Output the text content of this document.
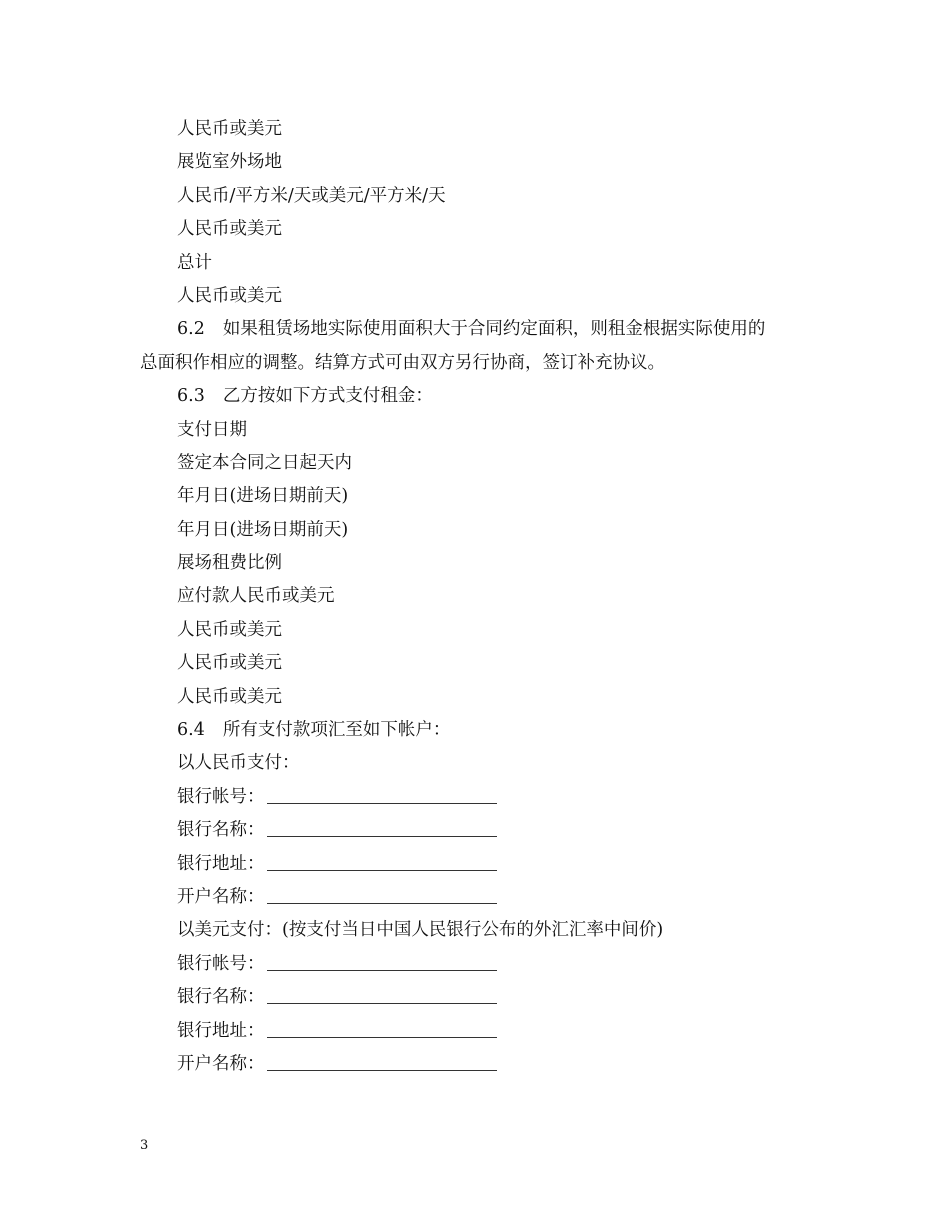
人民币或美元
展览室外场地
人民币/平方米/天或美元/平方米/天
人民币或美元
总计
人民币或美元
6.2 如果租赁场地实际使用面积大于合同约定面积，则租金根据实际使用的
总面积作相应的调整。结算方式可由双方另行协商，签订补充协议。
6.3 乙方按如下方式支付租金：
支付日期
签定本合同之日起天内
年月日(进场日期前天)
年月日(进场日期前天)
展场租费比例
应付款人民币或美元
人民币或美元
人民币或美元
人民币或美元
6.4 所有支付款项汇至如下帐户：
以人民币支付：
银行帐号：
银行名称：
银行地址：
开户名称：
以美元支付：(按支付当日中国人民银行公布的外汇汇率中间价)
银行帐号：
银行名称：
银行地址：
开户名称：
3
